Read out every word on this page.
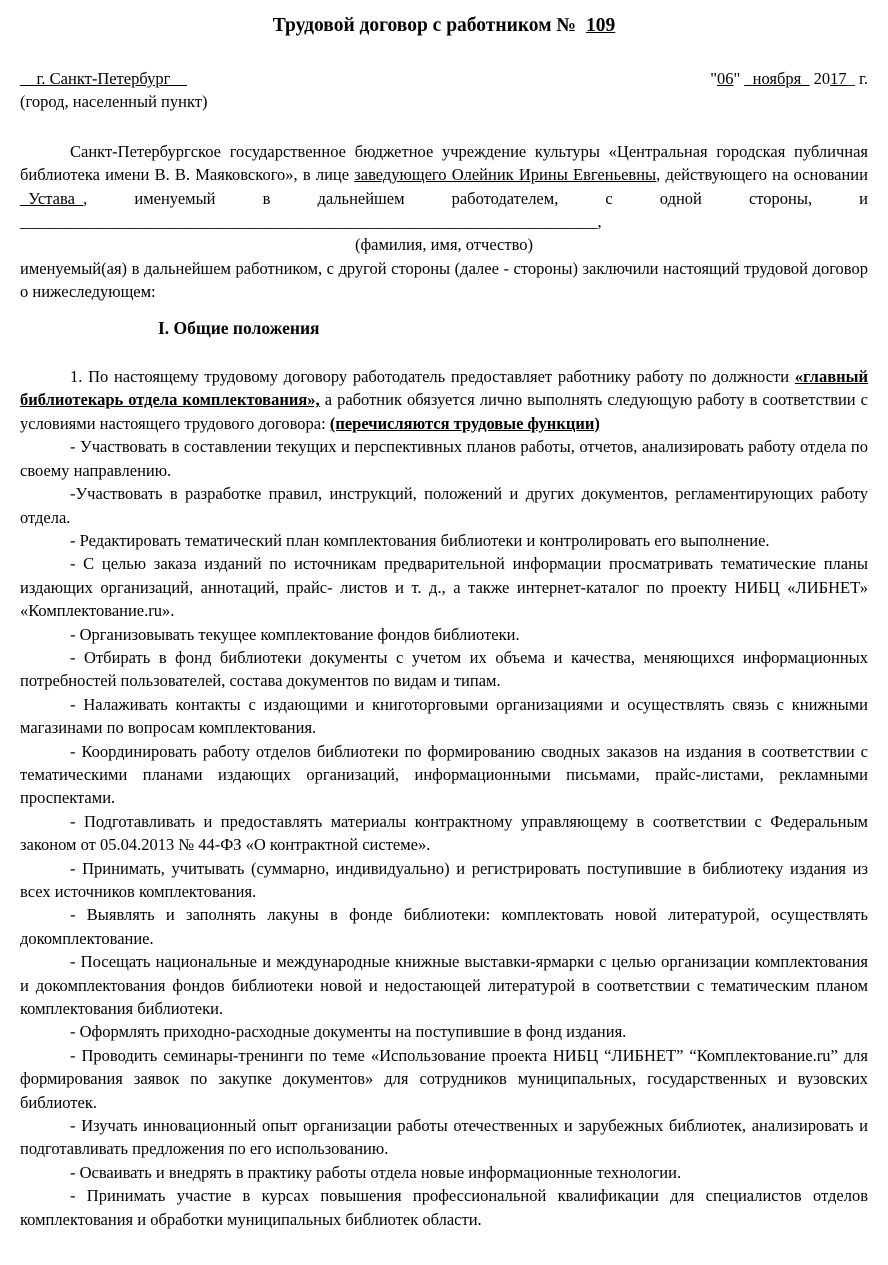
Трудовой договор с работником № 109
__г. Санкт-Петербург__
(город, населенный пункт)
"06" _ноября_ 2017_ г.

Санкт-Петербургское государственное бюджетное учреждение культуры «Центральная городская публичная библиотека имени В. В. Маяковского», в лице заведующего Олейник Ирины Евгеньевны, действующего на основании _Устава_, именуемый в дальнейшем работодателем, с одной стороны, и ______________________________________________________________________,

(фамилия, имя, отчество)

именуемый(ая) в дальнейшем работником, с другой стороны (далее - стороны) заключили настоящий трудовой договор о нижеследующем:

I. Общие положения

1. По настоящему трудовому договору работодатель предоставляет работнику работу по должности «главный библиотекарь отдела комплектования», а работник обязуется лично выполнять следующую работу в соответствии с условиями настоящего трудового договора: (перечисляются трудовые функции)

- Участвовать в составлении текущих и перспективных планов работы, отчетов, анализировать работу отдела по своему направлению.

-Участвовать в разработке правил, инструкций, положений и других документов, регламентирующих работу отдела.

- Редактировать тематический план комплектования библиотеки и контролировать его выполнение.

- С целью заказа изданий по источникам предварительной информации просматривать тематические планы издающих организаций, аннотаций, прайс- листов и т. д., а также интернет-каталог по проекту НИБЦ «ЛИБНЕТ» «Комплектование.ru».

- Организовывать текущее комплектование фондов библиотеки.

- Отбирать в фонд библиотеки документы с учетом их объема и качества, меняющихся информационных потребностей пользователей, состава документов по видам и типам.

- Налаживать контакты с издающими и книготорговыми организациями и осуществлять связь с книжными магазинами по вопросам комплектования.

- Координировать работу отделов библиотеки по формированию сводных заказов на издания в соответствии с тематическими планами издающих организаций, информационными письмами, прайс-листами, рекламными проспектами.

- Подготавливать и предоставлять материалы контрактному управляющему в соответствии с Федеральным законом от 05.04.2013 № 44-ФЗ «О контрактной системе».

- Принимать, учитывать (суммарно, индивидуально) и регистрировать поступившие в библиотеку издания из всех источников комплектования.

- Выявлять и заполнять лакуны в фонде библиотеки: комплектовать новой литературой, осуществлять докомплектование.

- Посещать национальные и международные книжные выставки-ярмарки с целью организации комплектования и докомплектования фондов библиотеки новой и недостающей литературой в соответствии с тематическим планом комплектования библиотеки.

- Оформлять приходно-расходные документы на поступившие в фонд издания.

- Проводить семинары-тренинги по теме «Использование проекта НИБЦ “ЛИБНЕТ” “Комплектование.ru” для формирования заявок по закупке документов» для сотрудников муниципальных, государственных и вузовских библиотек.

- Изучать инновационный опыт организации работы отечественных и зарубежных библиотек, анализировать и подготавливать предложения по его использованию.

- Осваивать и внедрять в практику работы отдела новые информационные технологии.

- Принимать участие в курсах повышения профессиональной квалификации для специалистов отделов комплектования и обработки муниципальных библиотек области.
